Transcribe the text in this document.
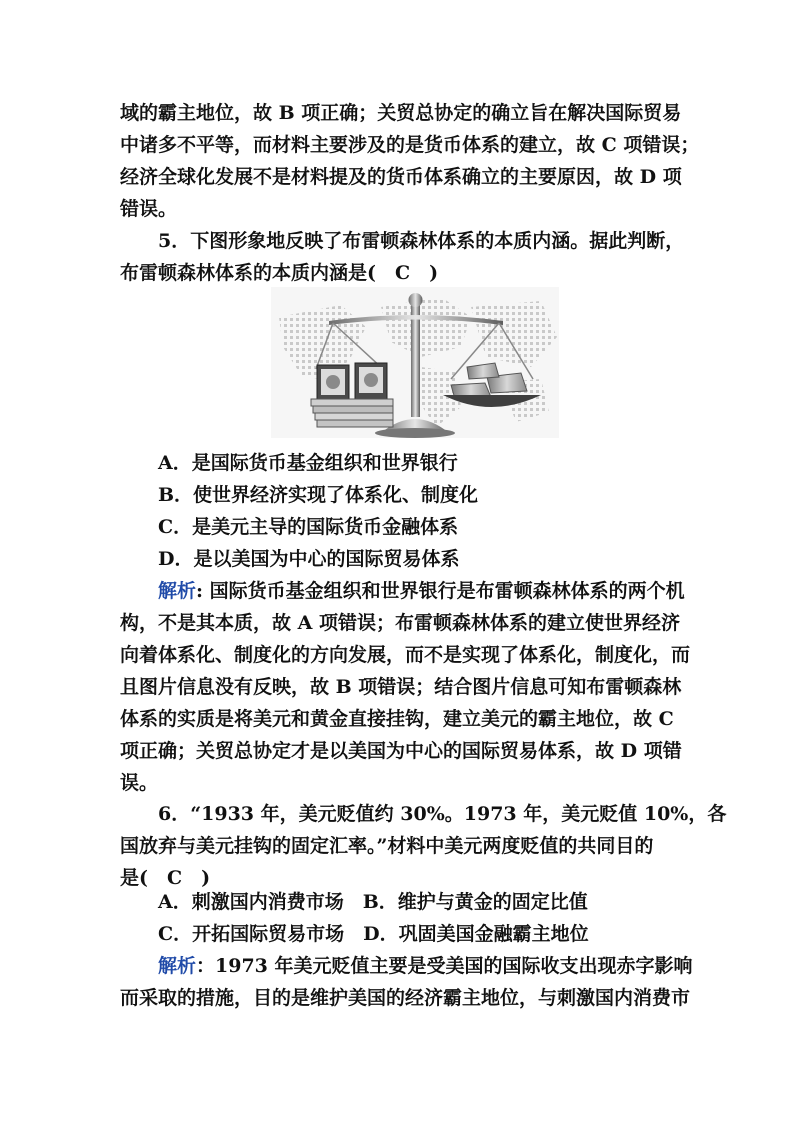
域的霸主地位，故 B 项正确；关贸总协定的确立旨在解决国际贸易
中诸多不平等，而材料主要涉及的是货币体系的建立，故 C 项错误；
经济全球化发展不是材料提及的货币体系确立的主要原因，故 D 项
错误。
5．下图形象地反映了布雷顿森林体系的本质内涵。据此判断，
布雷顿森林体系的本质内涵是(　C　)
A．是国际货币基金组织和世界银行
B．使世界经济实现了体系化、制度化
C．是美元主导的国际货币金融体系
D．是以美国为中心的国际贸易体系
解析: 国际货币基金组织和世界银行是布雷顿森林体系的两个机
构，不是其本质，故 A 项错误；布雷顿森林体系的建立使世界经济
向着体系化、制度化的方向发展，而不是实现了体系化，制度化，而
且图片信息没有反映，故 B 项错误；结合图片信息可知布雷顿森林
体系的实质是将美元和黄金直接挂钩，建立美元的霸主地位，故 C
项正确；关贸总协定才是以美国为中心的国际贸易体系，故 D 项错
误。
6．“1933 年，美元贬值约 30%。1973 年，美元贬值 10%，各
国放弃与美元挂钩的固定汇率。”材料中美元两度贬值的共同目的
是(　C　)
A．刺激国内消费市场　B．维护与黄金的固定比值
C．开拓国际贸易市场　D．巩固美国金融霸主地位
解析：1973 年美元贬值主要是受美国的国际收支出现赤字影响
而采取的措施，目的是维护美国的经济霸主地位，与刺激国内消费市
